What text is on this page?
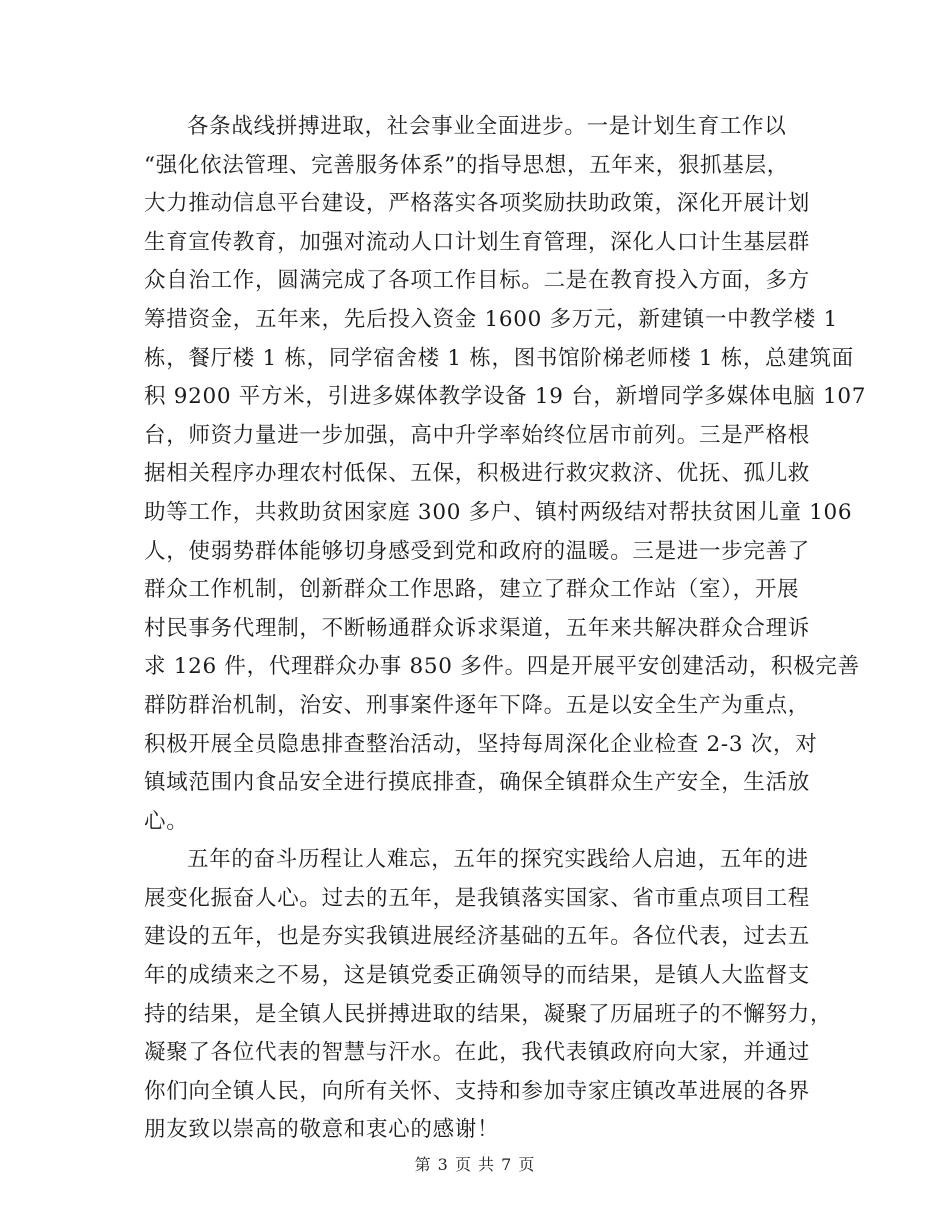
各条战线拼搏进取，社会事业全面进步。一是计划生育工作以
“强化依法管理、完善服务体系”的指导思想，五年来，狠抓基层，
大力推动信息平台建设，严格落实各项奖励扶助政策，深化开展计划
生育宣传教育，加强对流动人口计划生育管理，深化人口计生基层群
众自治工作，圆满完成了各项工作目标。二是在教育投入方面，多方
筹措资金，五年来，先后投入资金 1600 多万元，新建镇一中教学楼 1
栋，餐厅楼 1 栋，同学宿舍楼 1 栋，图书馆阶梯老师楼 1 栋，总建筑面
积 9200 平方米，引进多媒体教学设备 19 台，新增同学多媒体电脑 107
台，师资力量进一步加强，高中升学率始终位居市前列。三是严格根
据相关程序办理农村低保、五保，积极进行救灾救济、优抚、孤儿救
助等工作，共救助贫困家庭 300 多户、镇村两级结对帮扶贫困儿童 106
人，使弱势群体能够切身感受到党和政府的温暖。三是进一步完善了
群众工作机制，创新群众工作思路，建立了群众工作站（室），开展
村民事务代理制，不断畅通群众诉求渠道，五年来共解决群众合理诉
求 126 件，代理群众办事 850 多件。四是开展平安创建活动，积极完善
群防群治机制，治安、刑事案件逐年下降。五是以安全生产为重点，
积极开展全员隐患排查整治活动，坚持每周深化企业检查 2-3 次，对
镇域范围内食品安全进行摸底排查，确保全镇群众生产安全，生活放
心。

五年的奋斗历程让人难忘，五年的探究实践给人启迪，五年的进
展变化振奋人心。过去的五年，是我镇落实国家、省市重点项目工程
建设的五年，也是夯实我镇进展经济基础的五年。各位代表，过去五
年的成绩来之不易，这是镇党委正确领导的而结果，是镇人大监督支
持的结果，是全镇人民拼搏进取的结果，凝聚了历届班子的不懈努力，
凝聚了各位代表的智慧与汗水。在此，我代表镇政府向大家，并通过
你们向全镇人民，向所有关怀、支持和参加寺家庄镇改革进展的各界
朋友致以崇高的敬意和衷心的感谢！

第 3 页 共 7 页
